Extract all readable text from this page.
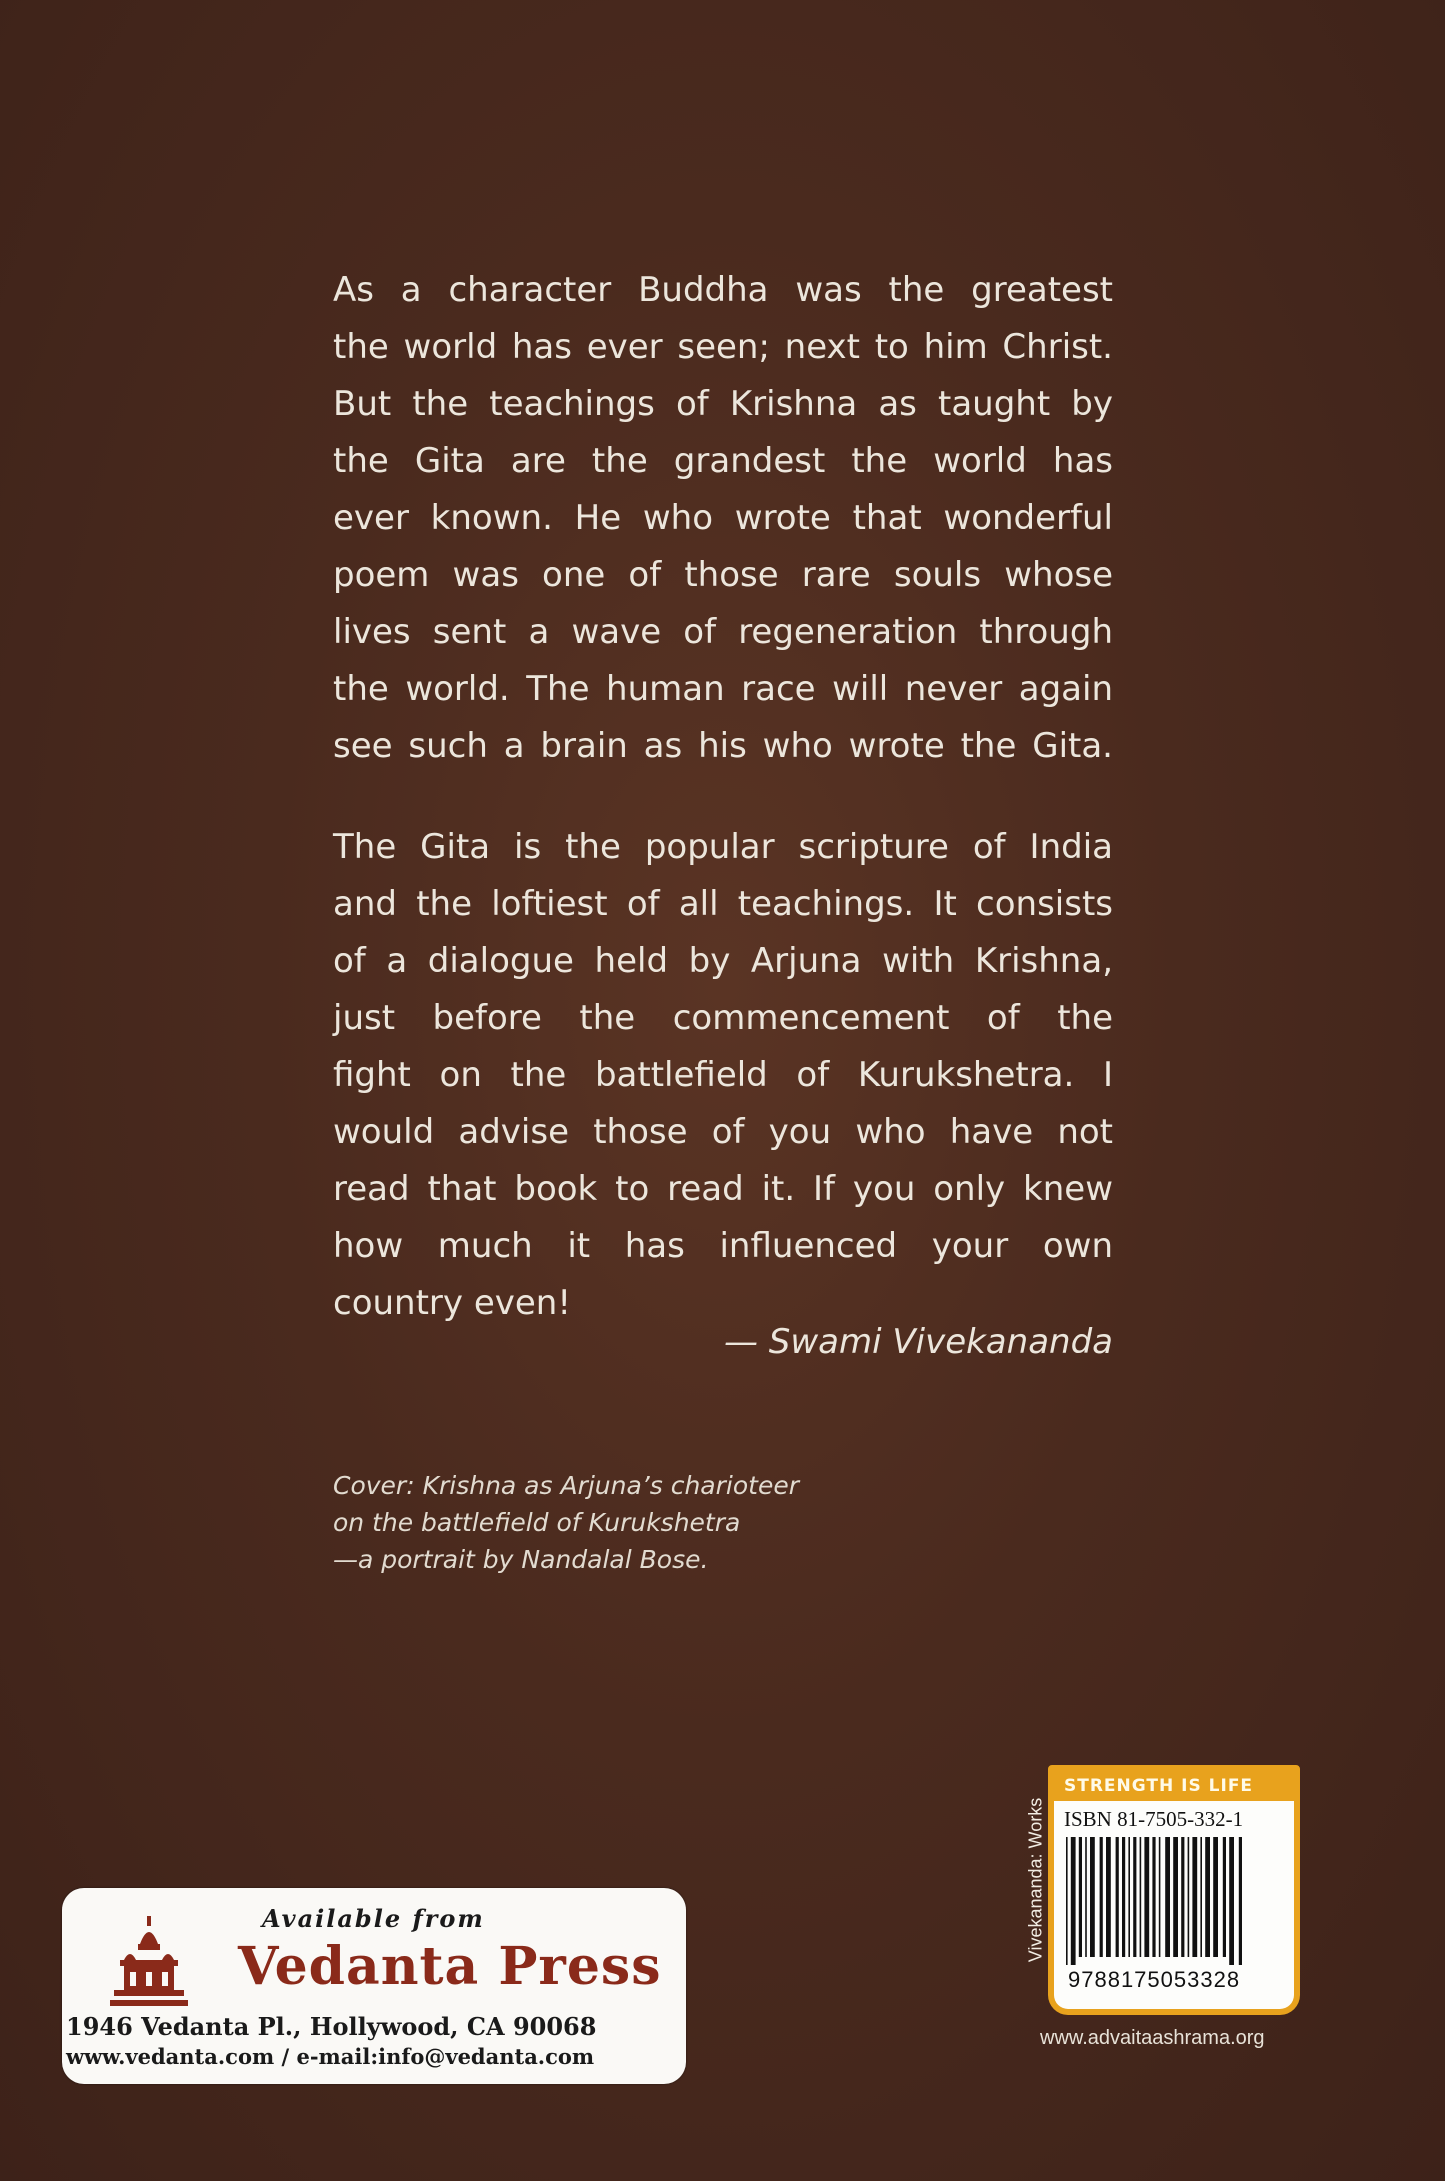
As a character Buddha was the greatest
the world has ever seen; next to him Christ.
But the teachings of Krishna as taught by
the Gita are the grandest the world has
ever known. He who wrote that wonderful
poem was one of those rare souls whose
lives sent a wave of regeneration through
the world. The human race will never again
see such a brain as his who wrote the Gita.

The Gita is the popular scripture of India
and the loftiest of all teachings. It consists
of a dialogue held by Arjuna with Krishna,
just before the commencement of the
fight on the battlefield of Kurukshetra. I
would advise those of you who have not
read that book to read it. If you only knew
how much it has influenced your own
country even!

— Swami Vivekananda
Cover: Krishna as Arjuna’s charioteer
on the battlefield of Kurukshetra
—a portrait by Nandalal Bose.
Available from
Vedanta Press
1946 Vedanta Pl., Hollywood, CA 90068
www.vedanta.com / e-mail:info@vedanta.com
Vivekananda: Works
STRENGTH IS LIFE
ISBN 81-7505-332-1
9788175053328
www.advaitaashrama.org
